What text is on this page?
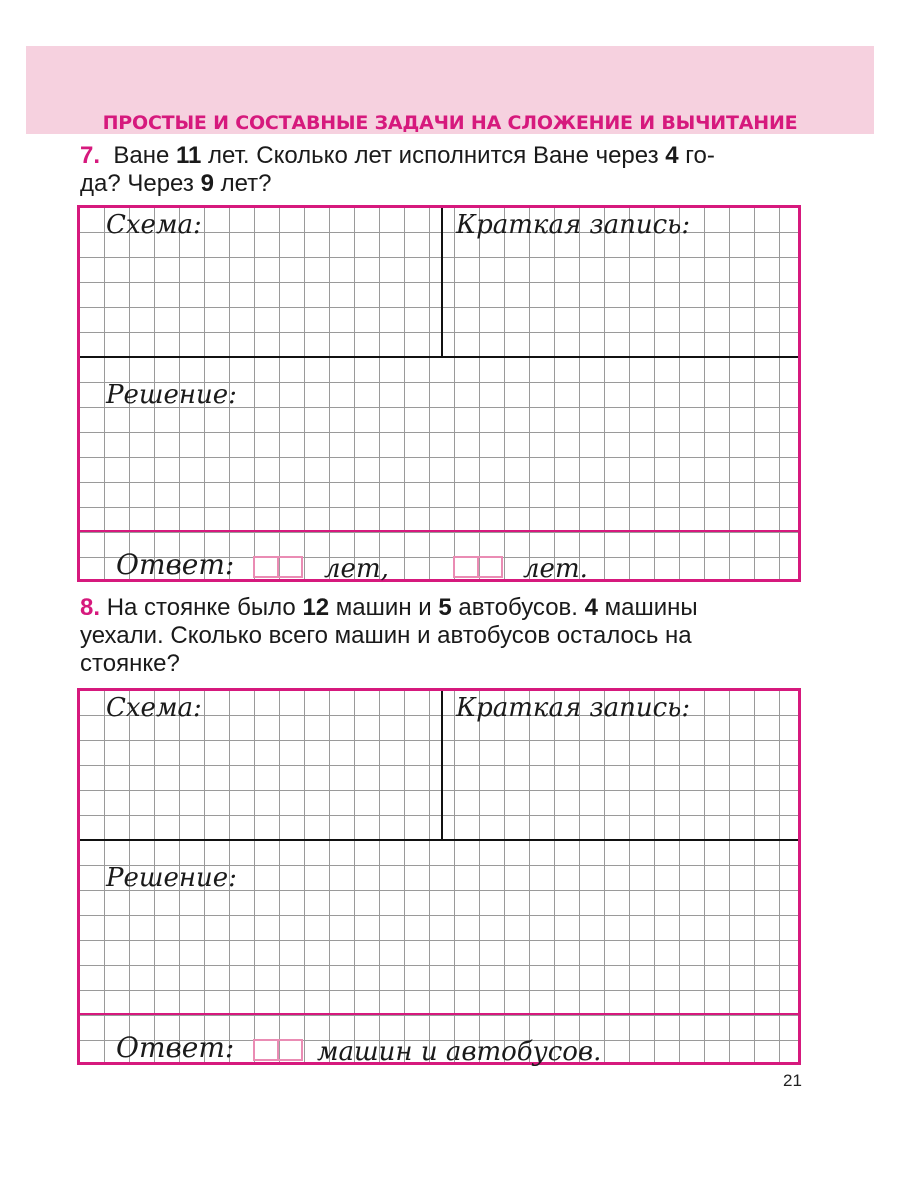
ПРОСТЫЕ И СОСТАВНЫЕ ЗАДАЧИ НА СЛОЖЕНИЕ И ВЫЧИТАНИЕ
7. Ване 11 лет. Сколько лет исполнится Ване через 4 го-
да? Через 9 лет?
Схема:	Краткая запись:
Решение:
Ответ:	лет,	лет.
8. На стоянке было 12 машин и 5 автобусов. 4 машины
уехали. Сколько всего машин и автобусов осталось на
стоянке?
Схема:	Краткая запись:
Решение:
Ответ:	машин и автобусов.
21
